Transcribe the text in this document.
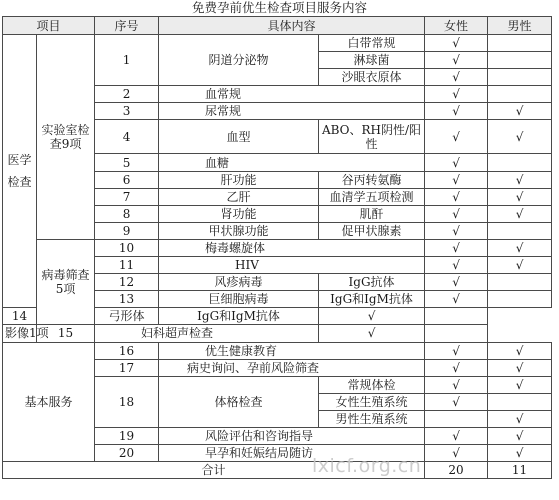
免费孕前优生检查项目服务内容
项目		序号	具体内容		女性	男性
医学检查	实验室检查9项	1	阴道分泌物	白带常规	√	
				淋球菌	√	
				沙眼衣原体	√	
		2	血常规		√	
		3	尿常规		√	√
		4	血型	ABO、RH阴性/阳性	√	√
		5	血糖		√	
		6	肝功能	谷丙转氨酶	√	√
		7	乙肝	血清学五项检测	√	√
		8	肾功能	肌酐	√	√
		9	甲状腺功能	促甲状腺素	√	
	病毒筛查5项	10	梅毒螺旋体		√	√
		11	HIV		√	√
		12	风疹病毒	IgG抗体	√	
		13	巨细胞病毒	IgG和IgM抗体	√	
14		弓形体	IgG和IgM抗体	√		
影像1项	15	妇科超声检查		√		
基本服务		16	优生健康教育		√	√
		17	病史询问、孕前风险筛查		√	√
		18	体格检查	常规体检	√	√
				女性生殖系统	√	
				男性生殖系统		√
		19	风险评估和咨询指导		√	√
		20	早孕和妊娠结局随访		√	√
合计					20	11
lxicf.org.cn
